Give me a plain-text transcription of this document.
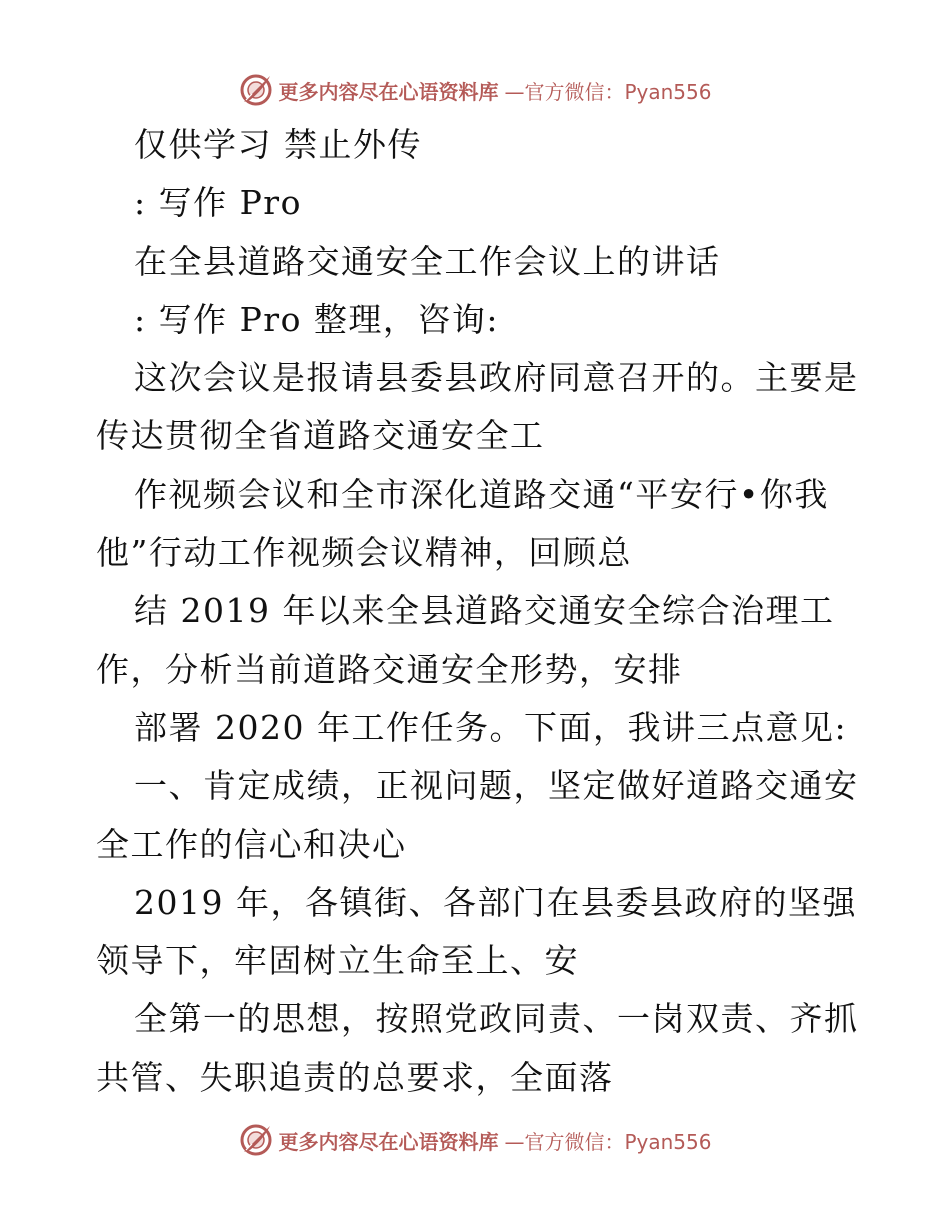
更多内容尽在心语资料库 —官方微信：Pyan556
仅供学习 禁止外传
: 写作 Pro
在全县道路交通安全工作会议上的讲话
: 写作 Pro 整理，咨询:
这次会议是报请县委县政府同意召开的。主要是
传达贯彻全省道路交通安全工
作视频会议和全市深化道路交通“平安行•你我
他”行动工作视频会议精神，回顾总
结 2019 年以来全县道路交通安全综合治理工
作，分析当前道路交通安全形势，安排
部署 2020 年工作任务。下面，我讲三点意见:
一、肯定成绩，正视问题，坚定做好道路交通安
全工作的信心和决心
2019 年，各镇街、各部门在县委县政府的坚强
领导下，牢固树立生命至上、安
全第一的思想，按照党政同责、一岗双责、齐抓
共管、失职追责的总要求，全面落
更多内容尽在心语资料库 —官方微信：Pyan556
